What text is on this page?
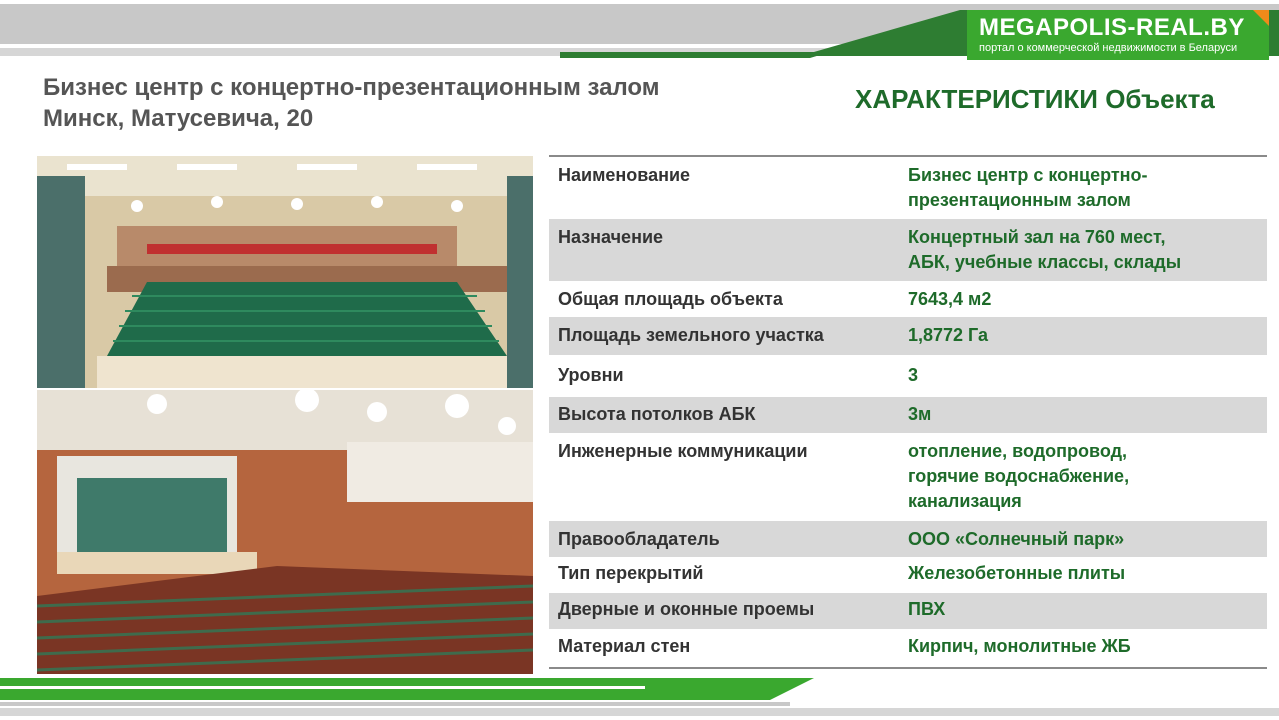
MEGAPOLIS-REAL.BY
портал о коммерческой недвижимости в Беларуси
Бизнес центр с концертно-презентационным залом
Минск, Матусевича, 20
ХАРАКТЕРИСТИКИ Объекта
Наименование	Бизнес центр с концертно-
презентационным залом
Назначение	Концертный зал на 760 мест,
АБК, учебные классы, склады
Общая площадь объекта	7643,4 м2
Площадь земельного участка	1,8772 Га
Уровни	3
Высота потолков АБК	3м
Инженерные коммуникации	отопление, водопровод,
горячие водоснабжение,
канализация
Правообладатель	ООО «Солнечный парк»
Тип перекрытий	Железобетонные плиты
Дверные и оконные проемы	ПВХ
Материал стен	Кирпич, монолитные ЖБ
